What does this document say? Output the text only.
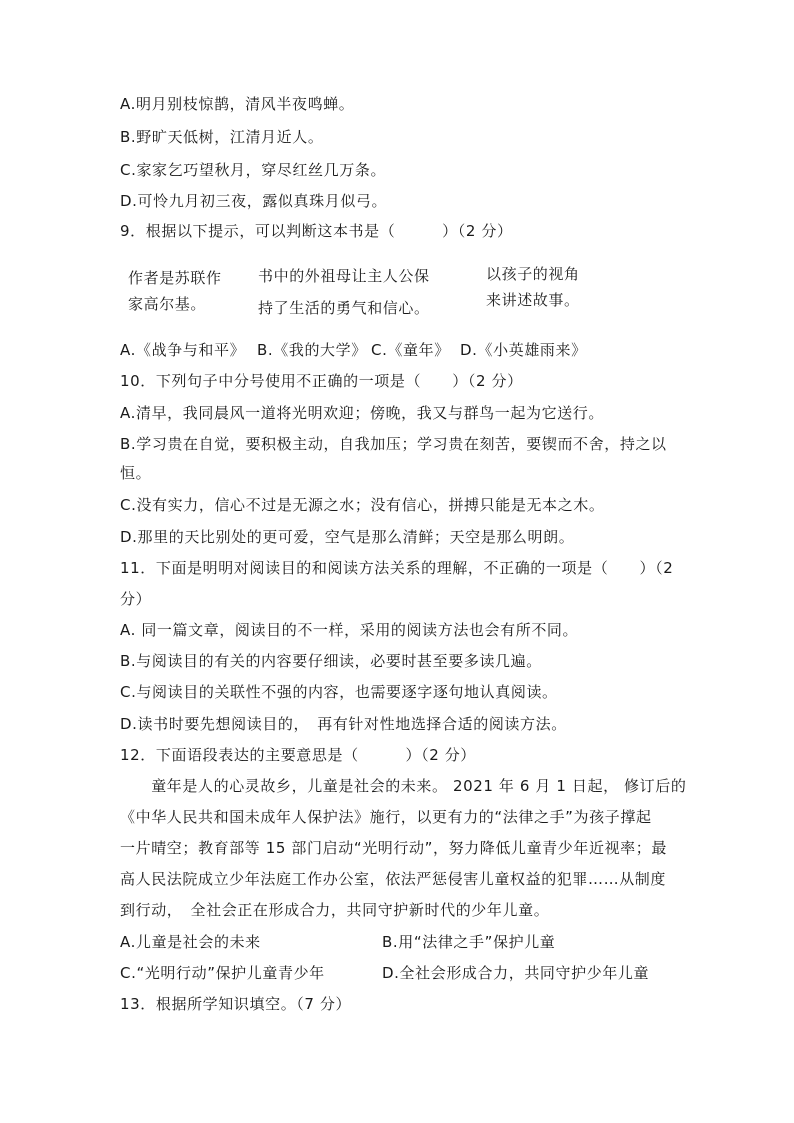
A.明月别枝惊鹊，清风半夜鸣蝉。
B.野旷天低树，江清月近人。
C.家家乞巧望秋月，穿尽红丝几万条。
D.可怜九月初三夜，露似真珠月似弓。
9．根据以下提示，可以判断这本书是（　　　）（2 分）
作者是苏联作
家高尔基。
书中的外祖母让主人公保
持了生活的勇气和信心。
以孩子的视角
来讲述故事。
A.《战争与和平》 B.《我的大学》 C.《童年》 D.《小英雄雨来》
10．下列句子中分号使用不正确的一项是（　　）（2 分）
A.清早，我同晨风一道将光明欢迎；傍晚，我又与群鸟一起为它送行。
B.学习贵在自觉，要积极主动，自我加压；学习贵在刻苦，要锲而不舍，持之以
恒。
C.没有实力，信心不过是无源之水；没有信心，拼搏只能是无本之木。
D.那里的天比别处的更可爱，空气是那么清鲜；天空是那么明朗。
11．下面是明明对阅读目的和阅读方法关系的理解，不正确的一项是（　　）（2
分）
A. 同一篇文章，阅读目的不一样，采用的阅读方法也会有所不同。
B.与阅读目的有关的内容要仔细读，必要时甚至要多读几遍。
C.与阅读目的关联性不强的内容，也需要逐字逐句地认真阅读。
D.读书时要先想阅读目的，　再有针对性地选择合适的阅读方法。
12．下面语段表达的主要意思是（　　　）（2 分）
　　童年是人的心灵故乡，儿童是社会的未来。 2021 年 6 月 1 日起， 修订后的
《中华人民共和国未成年人保护法》施行，以更有力的“法律之手”为孩子撑起
一片晴空；教育部等 15 部门启动“光明行动”，努力降低儿童青少年近视率；最
高人民法院成立少年法庭工作办公室，依法严惩侵害儿童权益的犯罪……从制度
到行动，　全社会正在形成合力，共同守护新时代的少年儿童。
A.儿童是社会的未来	B.用“法律之手”保护儿童
C.“光明行动”保护儿童青少年	D.全社会形成合力，共同守护少年儿童
13．根据所学知识填空。（7 分）
